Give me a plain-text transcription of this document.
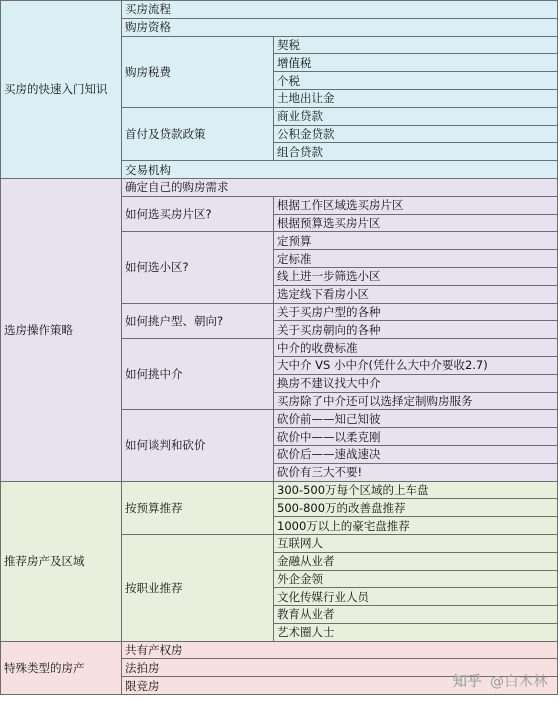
买房的快速入门知识	买房流程	
	购房资格	
	购房税费	契税
		增值税
		个税
		土地出让金
	首付及贷款政策	商业贷款
		公积金贷款
		组合贷款
	交易机构	
选房操作策略	确定自己的购房需求	
	如何选买房片区?	根据工作区域选买房片区
		根据预算选买房片区
	如何选小区?	定预算
		定标准
		线上进一步筛选小区
		选定线下看房小区
	如何挑户型、朝向?	关于买房户型的各种
		关于买房朝向的各种
	如何挑中介	中介的收费标准
		大中介 VS 小中介(凭什么大中介要收2.7)
		换房不建议找大中介
		买房除了中介还可以选择定制购房服务
	如何谈判和砍价	砍价前——知己知彼
		砍价中——以柔克刚
		砍价后——速战速决
		砍价有三大不要!
推荐房产及区域	按预算推荐	300-500万每个区域的上车盘
		500-800万的改善盘推荐
		1000万以上的豪宅盘推荐
	按职业推荐	互联网人
		金融从业者
		外企金领
		文化传媒行业人员
		教育从业者
		艺术圈人士
特殊类型的房产	共有产权房	
	法拍房	
	限竞房		知乎 @白木林
